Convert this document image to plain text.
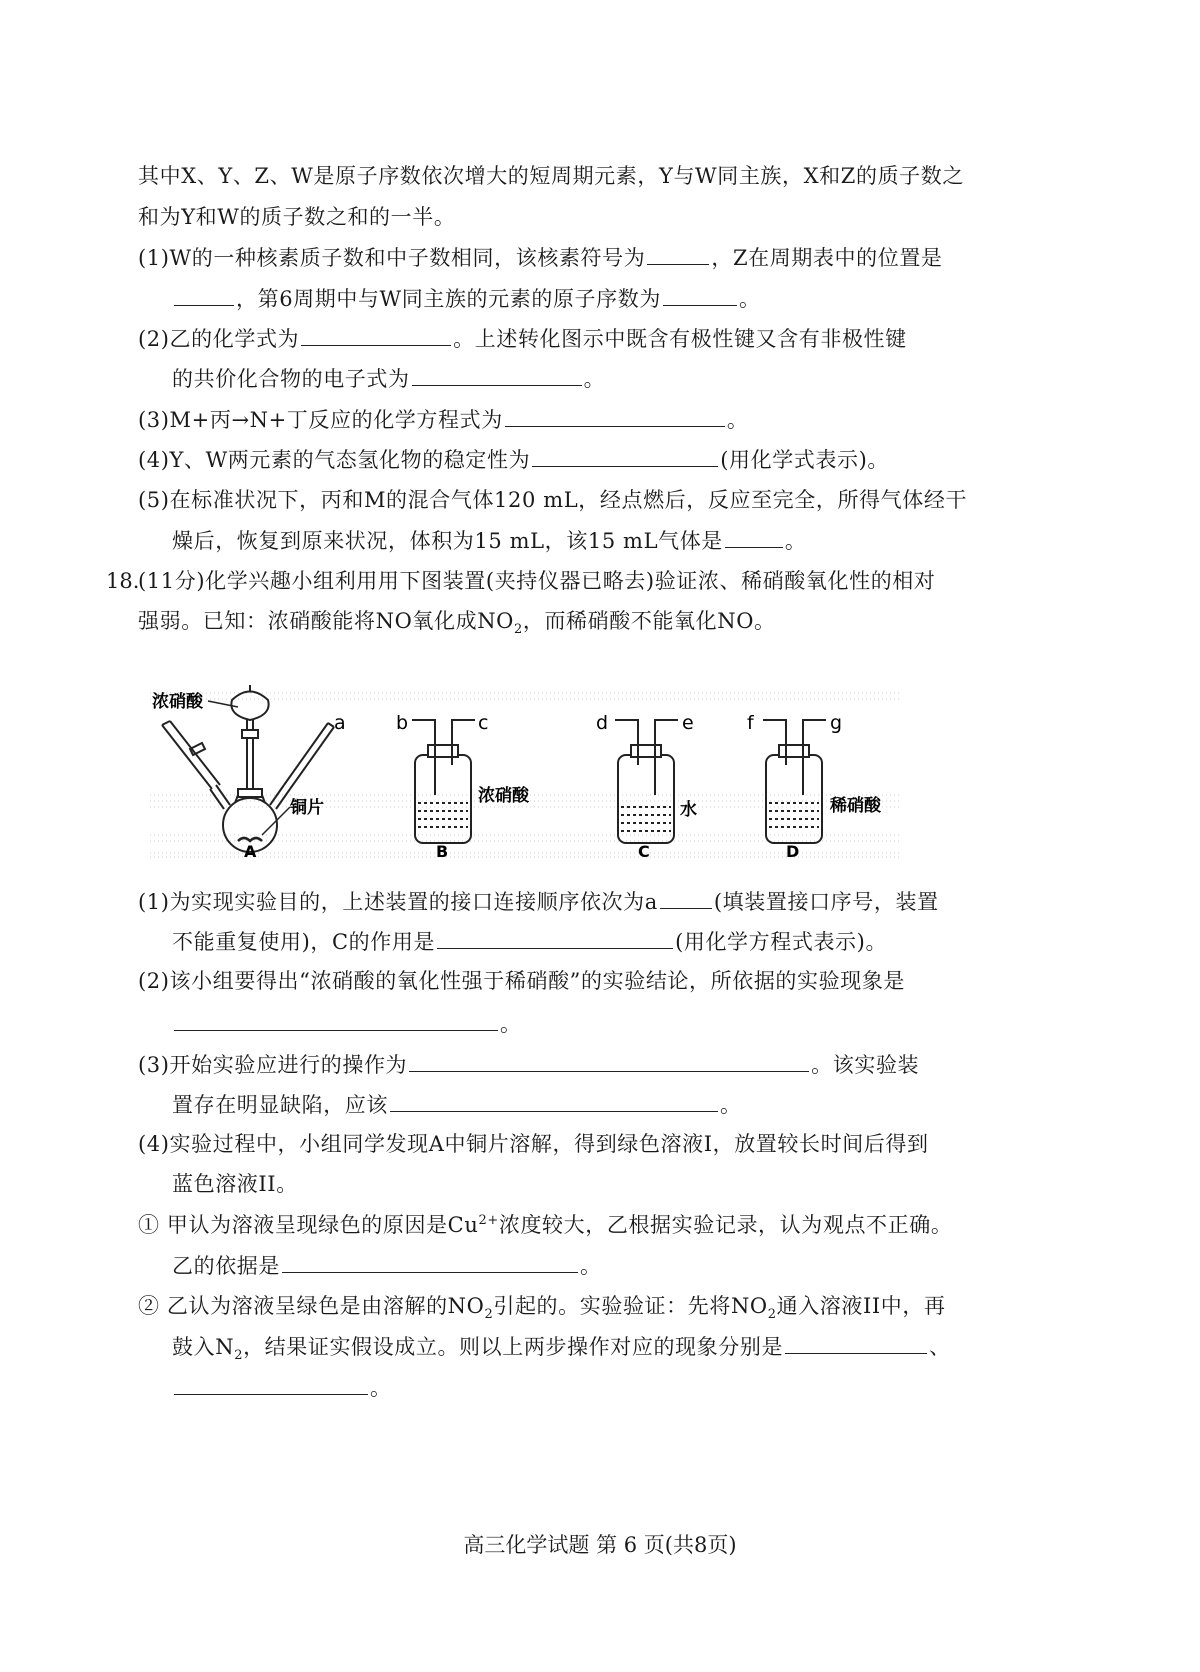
其中X、Y、Z、W是原子序数依次增大的短周期元素，Y与W同主族，X和Z的质子数之
和为Y和W的质子数之和的一半。
(1)W的一种核素质子数和中子数相同，该核素符号为	，Z在周期表中的位置是
，第6周期中与W同主族的元素的原子序数为	。
(2)乙的化学式为	。上述转化图示中既含有极性键又含有非极性键
的共价化合物的电子式为	。
(3)M+丙→N+丁反应的化学方程式为	。
(4)Y、W两元素的气态氢化物的稳定性为	(用化学式表示)。
(5)在标准状况下，丙和M的混合气体120 mL，经点燃后，反应至完全，所得气体经干
燥后，恢复到原来状况，体积为15 mL，该15 mL气体是	。
18.
(11分)化学兴趣小组利用用下图装置(夹持仪器已略去)验证浓、稀硝酸氧化性的相对
强弱。已知：浓硝酸能将NO氧化成$NO_2$，而稀硝酸不能氧化NO。
浓硝酸
a
铜片
A
b	c
浓硝酸
B
d	e
水
C
f	g
稀硝酸
D
(1)为实现实验目的，上述装置的接口连接顺序依次为a	(填装置接口序号，装置
不能重复使用)，C的作用是	(用化学方程式表示)。
(2)该小组要得出“浓硝酸的氧化性强于稀硝酸”的实验结论，所依据的实验现象是
。
(3)开始实验应进行的操作为	。该实验装
置存在明显缺陷，应该	。
(4)实验过程中，小组同学发现A中铜片溶解，得到绿色溶液I，放置较长时间后得到
蓝色溶液II。
① 甲认为溶液呈现绿色的原因是$Cu^{2+}$浓度较大，乙根据实验记录，认为观点不正确。
乙的依据是	。
② 乙认为溶液呈绿色是由溶解的$NO_2$引起的。实验验证：先将$NO_2$通入溶液II中，再
鼓入$N_2$，结果证实假设成立。则以上两步操作对应的现象分别是	、
。
高三化学试题 第 6 页(共8页)
